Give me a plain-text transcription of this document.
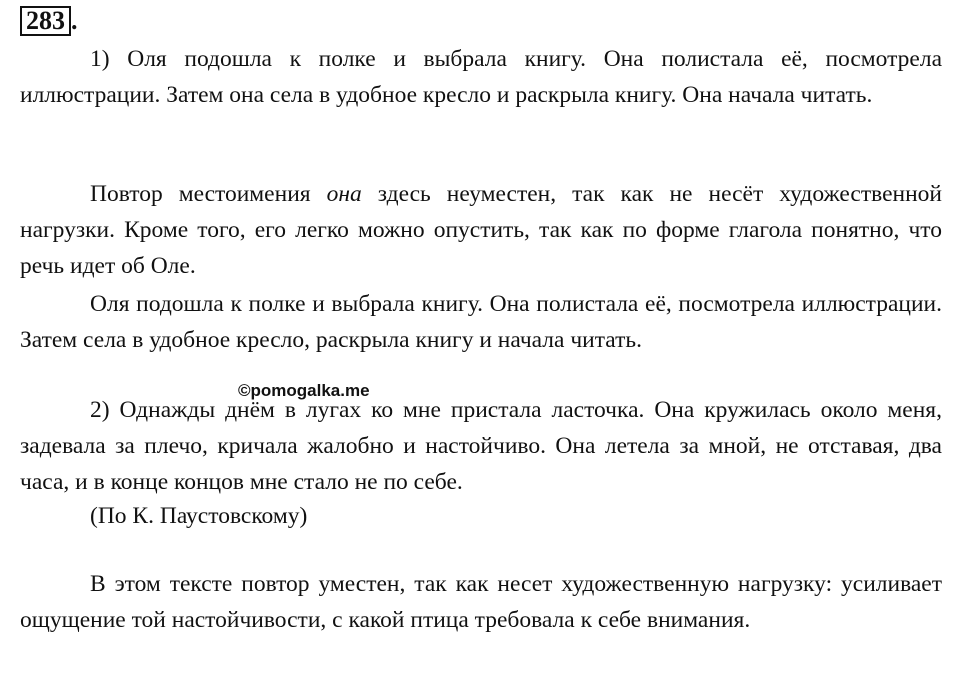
283 .

1) Оля подошла к полке и выбрала книгу. Она полистала её, посмотрела иллюстрации. Затем она села в удобное кресло и раскрыла книгу. Она начала читать.

Повтор местоимения она здесь неуместен, так как не несёт художественной нагрузки. Кроме того, его легко можно опустить, так как по форме глагола понятно, что речь идет об Оле.

Оля подошла к полке и выбрала книгу. Она полистала её, посмотрела иллюстрации. Затем села в удобное кресло, раскрыла книгу и начала читать.

2) Однажды днём в лугах ко мне пристала ласточка. Она кружилась около меня, задевала за плечо, кричала жалобно и настойчиво. Она летела за мной, не отставая, два часа, и в конце концов мне стало не по себе.

(По К. Паустовскому)

В этом тексте повтор уместен, так как несет художественную нагрузку: усиливает ощущение той настойчивости, с какой птица требовала к себе внимания.

©pomogalka.me
